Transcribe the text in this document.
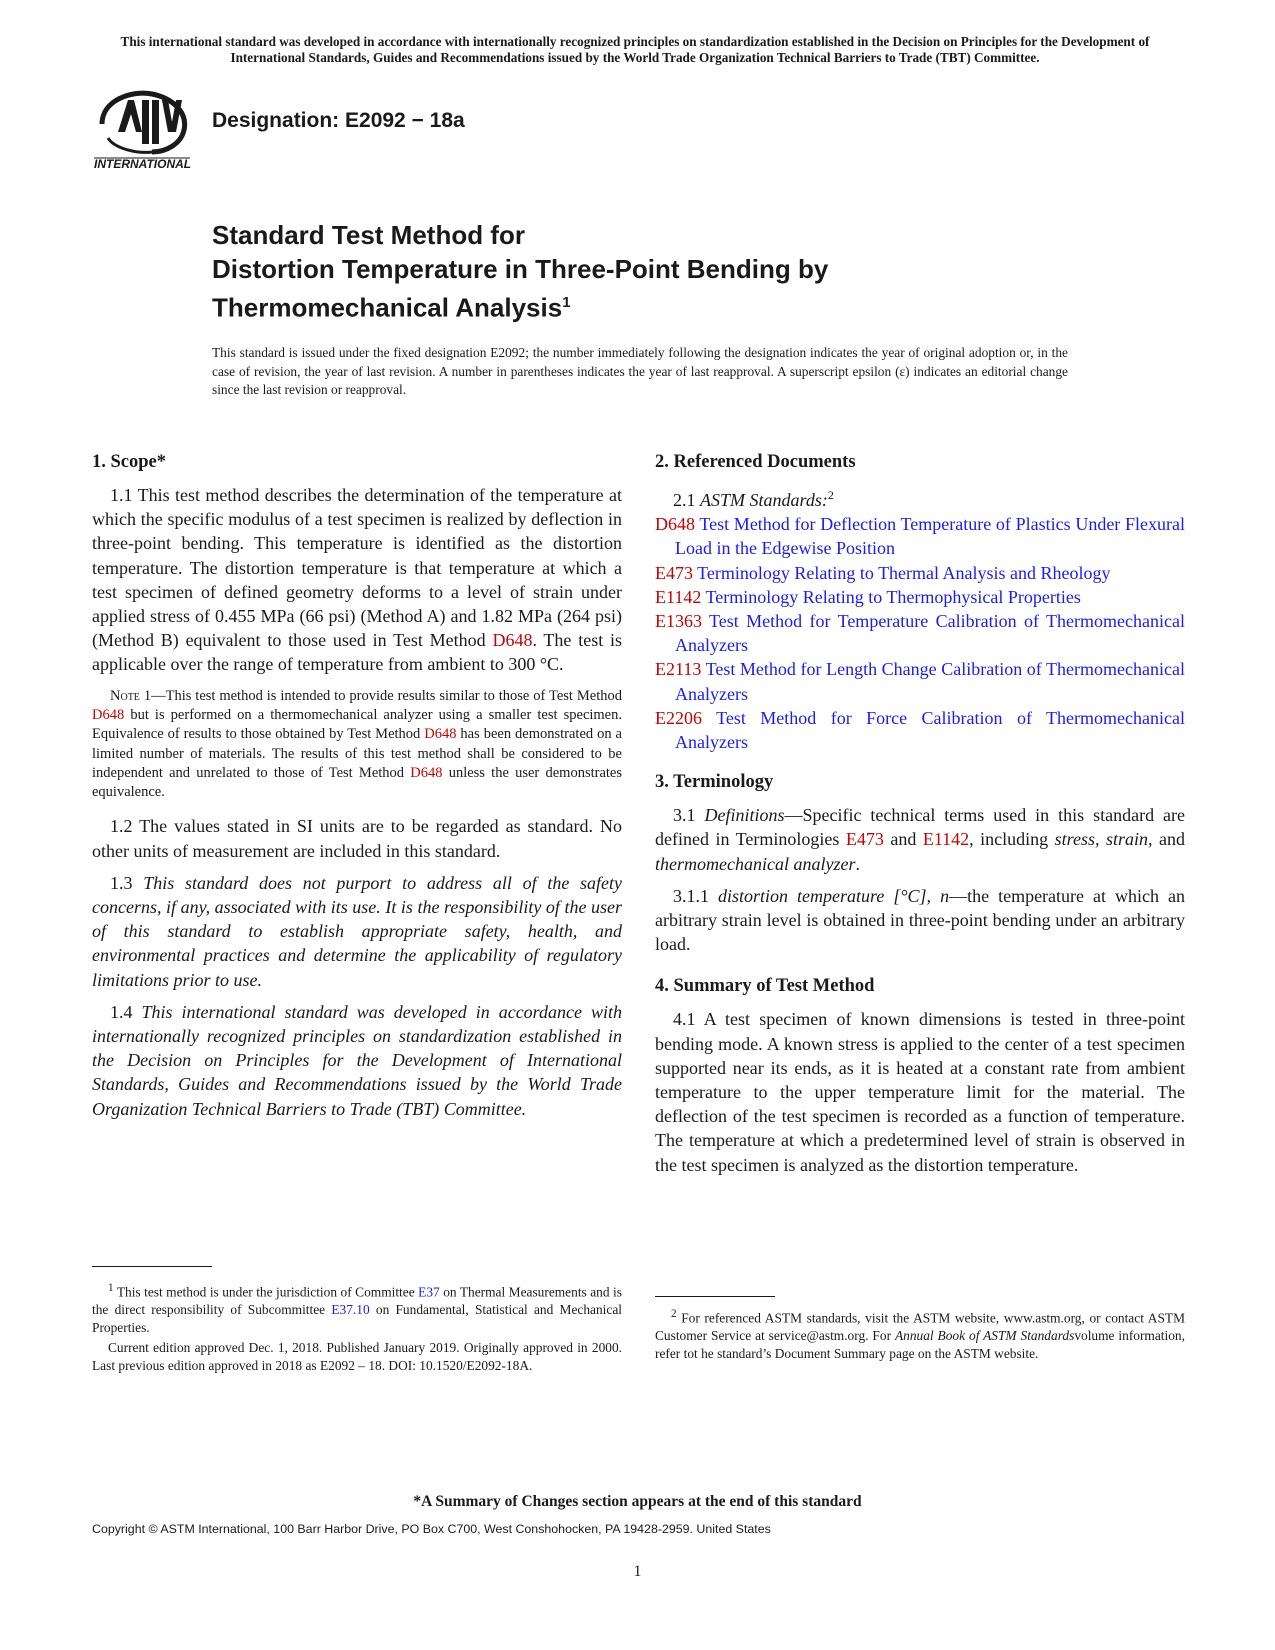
This international standard was developed in accordance with internationally recognized principles on standardization established in the Decision on Principles for the Development of International Standards, Guides and Recommendations issued by the World Trade Organization Technical Barriers to Trade (TBT) Committee.
INTERNATIONAL
Designation: E2092 − 18a
Standard Test Method for
Distortion Temperature in Three-Point Bending by
Thermomechanical Analysis$^1$
This standard is issued under the fixed designation E2092; the number immediately following the designation indicates the year of original adoption or, in the case of revision, the year of last revision. A number in parentheses indicates the year of last reapproval. A superscript epsilon (ε) indicates an editorial change since the last revision or reapproval.
1. Scope*

1.1 This test method describes the determination of the temperature at which the specific modulus of a test specimen is realized by deflection in three-point bending. This temperature is identified as the distortion temperature. The distortion temperature is that temperature at which a test specimen of defined geometry deforms to a level of strain under applied stress of 0.455 MPa (66 psi) (Method A) and 1.82 MPa (264 psi) (Method B) equivalent to those used in Test Method D648. The test is applicable over the range of temperature from ambient to 300 °C.

Note 1—This test method is intended to provide results similar to those of Test Method D648 but is performed on a thermomechanical analyzer using a smaller test specimen. Equivalence of results to those obtained by Test Method D648 has been demonstrated on a limited number of materials. The results of this test method shall be considered to be independent and unrelated to those of Test Method D648 unless the user demonstrates equivalence.

1.2 The values stated in SI units are to be regarded as standard. No other units of measurement are included in this standard.

1.3 This standard does not purport to address all of the safety concerns, if any, associated with its use. It is the responsibility of the user of this standard to establish appropriate safety, health, and environmental practices and determine the applicability of regulatory limitations prior to use.

1.4 This international standard was developed in accordance with internationally recognized principles on standardization established in the Decision on Principles for the Development of International Standards, Guides and Recommendations issued by the World Trade Organization Technical Barriers to Trade (TBT) Committee.

2. Referenced Documents

2.1 ASTM Standards:$^2$

D648 Test Method for Deflection Temperature of Plastics Under Flexural Load in the Edgewise Position
E473 Terminology Relating to Thermal Analysis and Rheology
E1142 Terminology Relating to Thermophysical Properties
E1363 Test Method for Temperature Calibration of Thermomechanical Analyzers
E2113 Test Method for Length Change Calibration of Thermomechanical Analyzers
E2206 Test Method for Force Calibration of Thermomechanical Analyzers
3. Terminology

3.1 Definitions—Specific technical terms used in this standard are defined in Terminologies E473 and E1142, including stress, strain, and thermomechanical analyzer.

3.1.1 distortion temperature [°C], n—the temperature at which an arbitrary strain level is obtained in three-point bending under an arbitrary load.

4. Summary of Test Method

4.1 A test specimen of known dimensions is tested in three-point bending mode. A known stress is applied to the center of a test specimen supported near its ends, as it is heated at a constant rate from ambient temperature to the upper temperature limit for the material. The deflection of the test specimen is recorded as a function of temperature. The temperature at which a predetermined level of strain is observed in the test specimen is analyzed as the distortion temperature.

$^1$ This test method is under the jurisdiction of Committee E37 on Thermal Measurements and is the direct responsibility of Subcommittee E37.10 on Fundamental, Statistical and Mechanical Properties.

Current edition approved Dec. 1, 2018. Published January 2019. Originally approved in 2000. Last previous edition approved in 2018 as E2092 – 18. DOI: 10.1520/E2092-18A.

$^2$ For referenced ASTM standards, visit the ASTM website, www.astm.org, or contact ASTM Customer Service at service@astm.org. For Annual Book of ASTM Standardsvolume information, refer tot he standard’s Document Summary page on the ASTM website.

*A Summary of Changes section appears at the end of this standard
Copyright © ASTM International, 100 Barr Harbor Drive, PO Box C700, West Conshohocken, PA 19428-2959. United States
1
